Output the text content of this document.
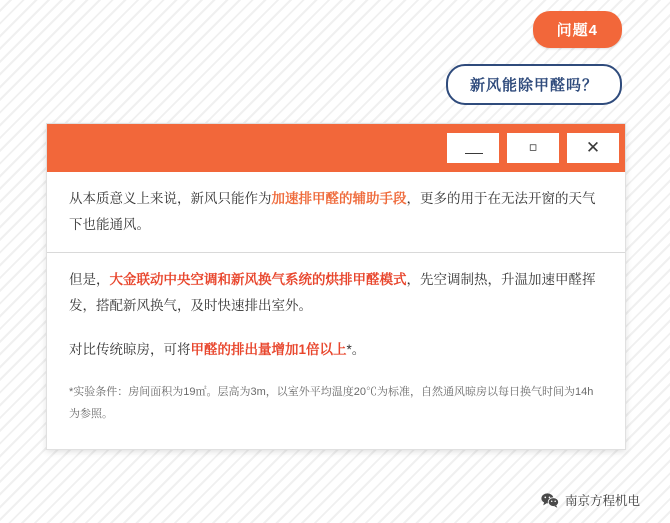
问题4
新风能除甲醛吗？
▫	✕
从本质意义上来说，新风只能作为加速排甲醛的辅助手段，更多的用于在无法开窗的天气下也能通风。
但是，大金联动中央空调和新风换气系统的烘排甲醛模式，先空调制热，升温加速甲醛挥发，搭配新风换气，及时快速排出室外。
对比传统晾房，可将甲醛的排出量增加1倍以上*。
*实验条件：房间面积为19㎡。层高为3m，以室外平均温度20℃为标准，自然通风晾房以每日换气时间为14h为参照。
南京方程机电
